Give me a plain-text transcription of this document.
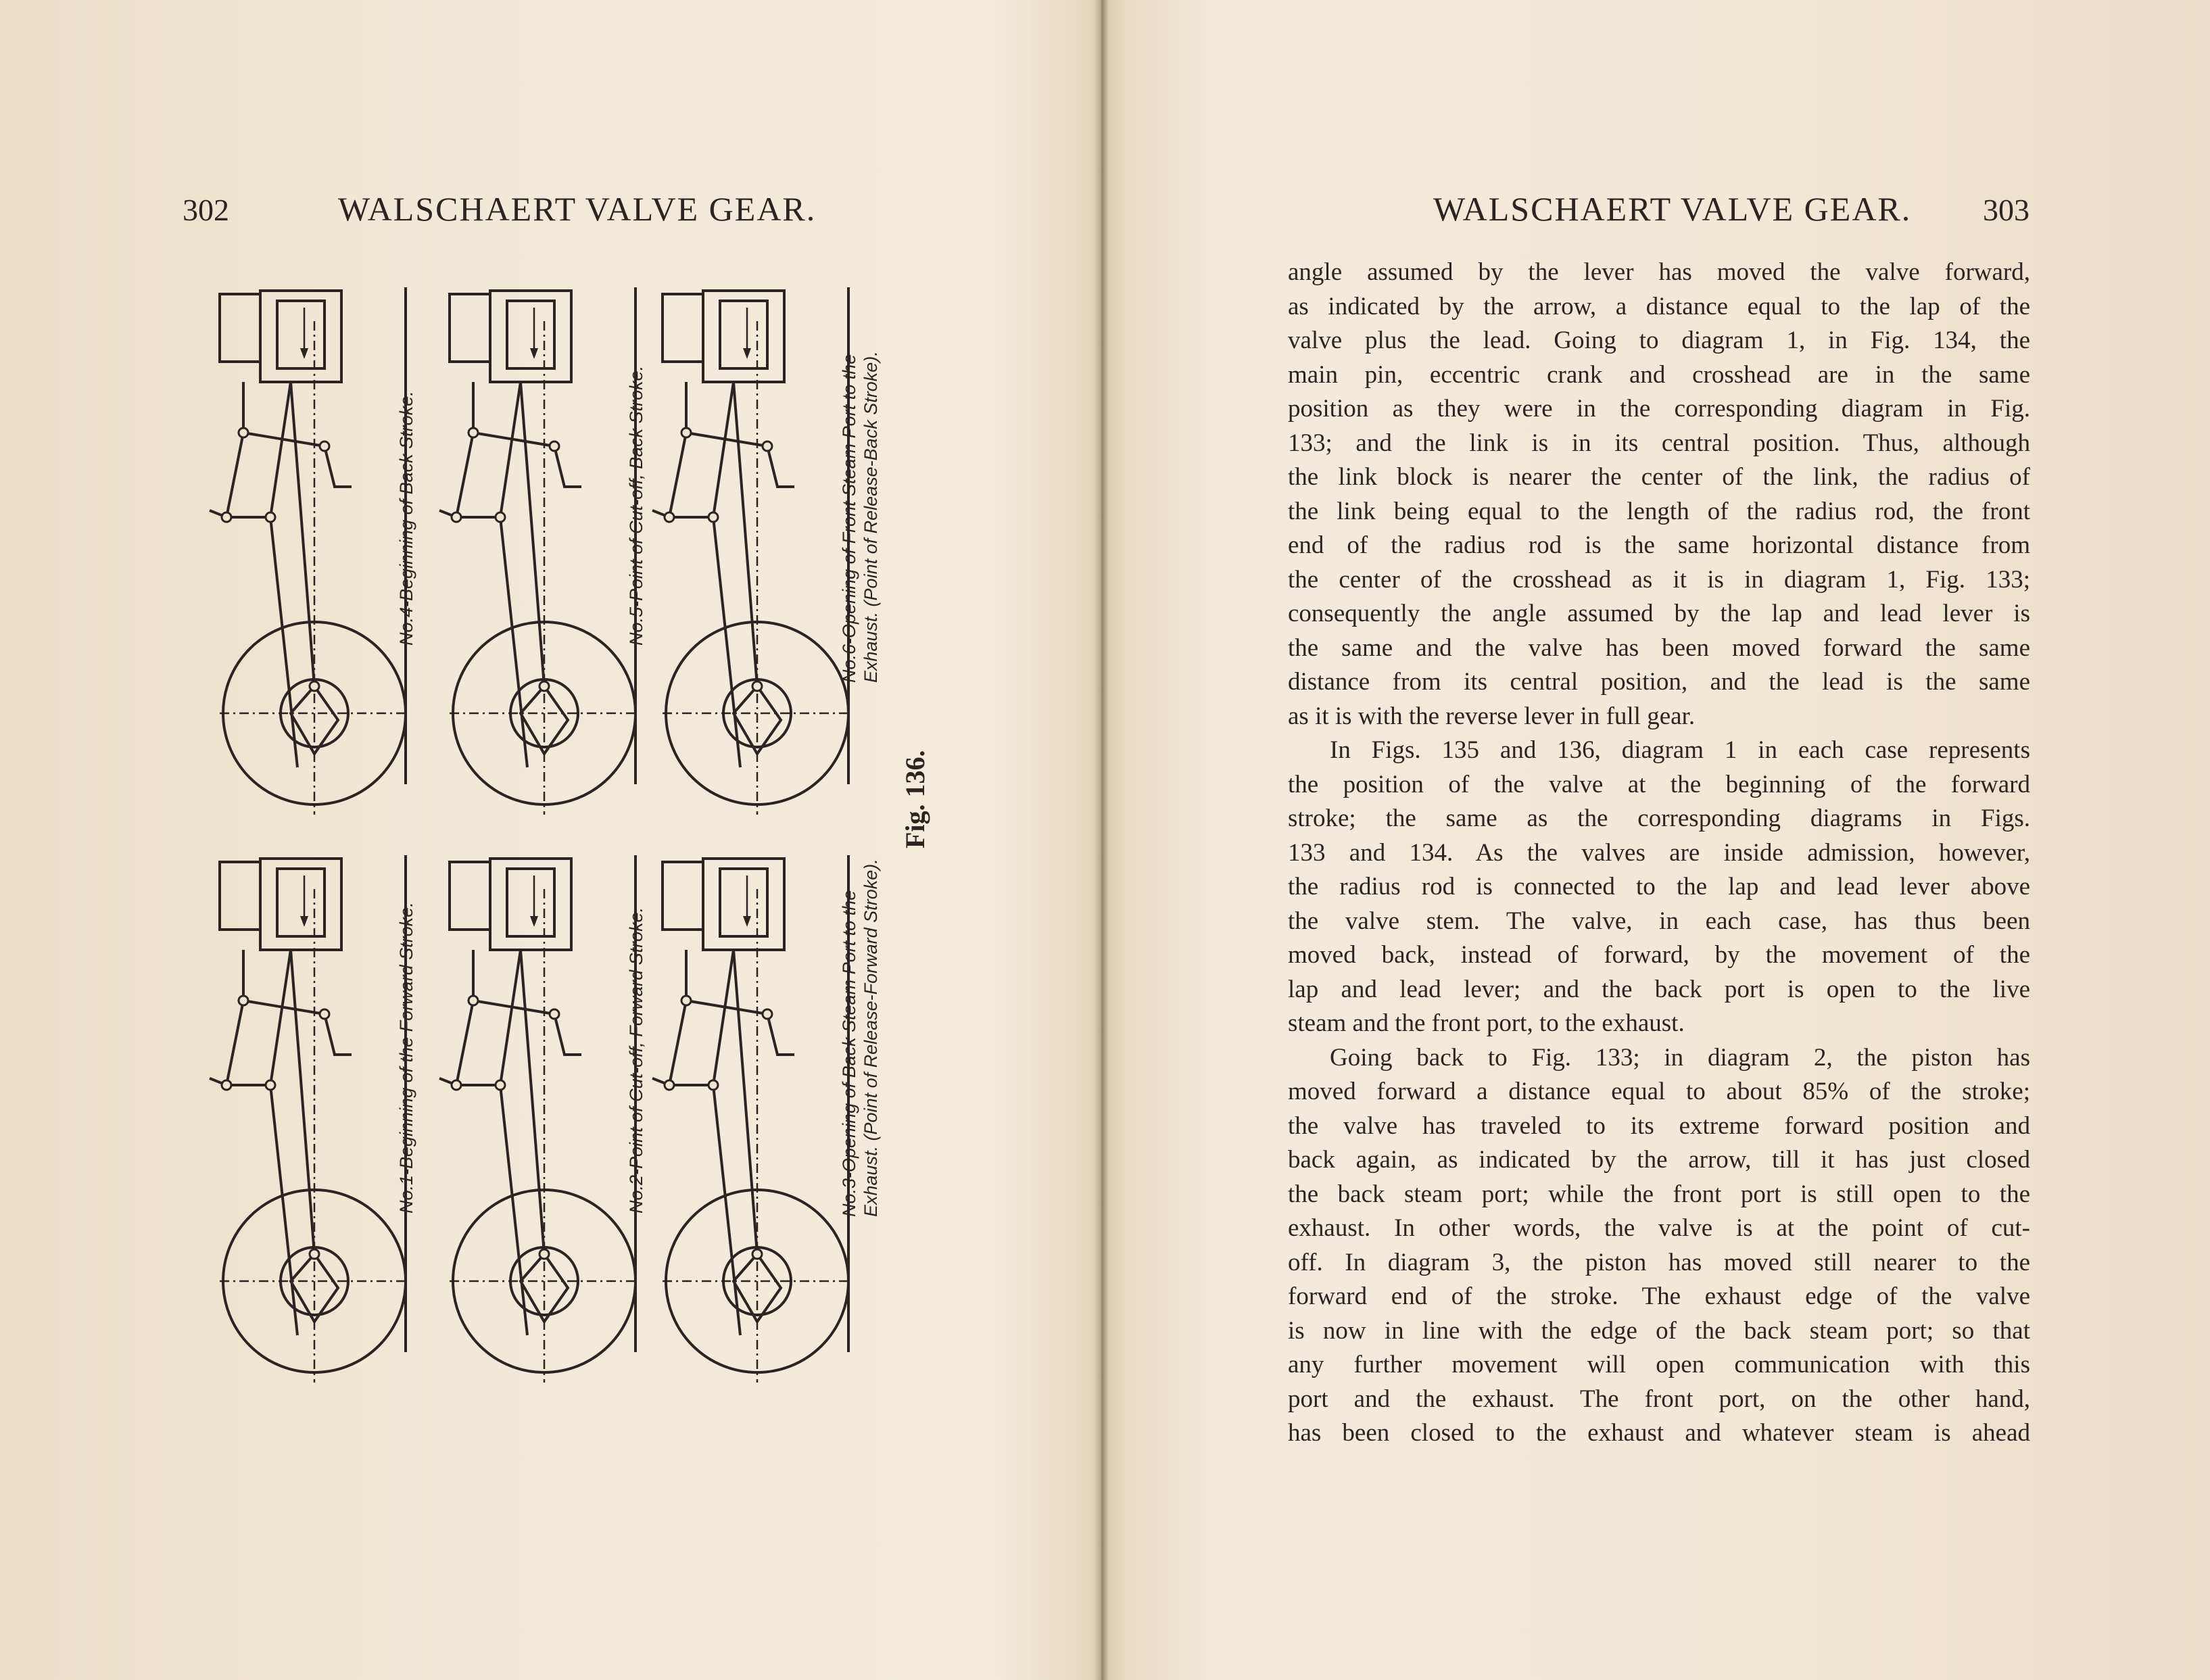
302	WALSCHAERT VALVE GEAR.
No.1-Beginning of the Forward Stroke.	No.2-Point of Cut-off, Forward Stroke.	No.3-Opening of Back Steam Port to the Exhaust. (Point of Release-Forward Stroke).
No.4-Beginning of Back Stroke.	No.5-Point of Cut-off, Back Stroke.	No.6-Opening of Front Steam Port to the Exhaust. (Point of Release-Back Stroke).
Fig. 136.
WALSCHAERT VALVE GEAR. 303

angle assumed by the lever has moved the valve forward,

as indicated by the arrow, a distance equal to the lap of the

valve plus the lead. Going to diagram 1, in Fig. 134, the

main pin, eccentric crank and crosshead are in the same

position as they were in the corresponding diagram in Fig.

133; and the link is in its central position. Thus, although

the link block is nearer the center of the link, the radius of

the link being equal to the length of the radius rod, the front

end of the radius rod is the same horizontal distance from

the center of the crosshead as it is in diagram 1, Fig. 133;

consequently the angle assumed by the lap and lead lever is

the same and the valve has been moved forward the same

distance from its central position, and the lead is the same

as it is with the reverse lever in full gear.

In Figs. 135 and 136, diagram 1 in each case represents

the position of the valve at the beginning of the forward

stroke; the same as the corresponding diagrams in Figs.

133 and 134. As the valves are inside admission, however,

the radius rod is connected to the lap and lead lever above

the valve stem. The valve, in each case, has thus been

moved back, instead of forward, by the movement of the

lap and lead lever; and the back port is open to the live

steam and the front port, to the exhaust.

Going back to Fig. 133; in diagram 2, the piston has

moved forward a distance equal to about 85% of the stroke;

the valve has traveled to its extreme forward position and

back again, as indicated by the arrow, till it has just closed

the back steam port; while the front port is still open to the

exhaust. In other words, the valve is at the point of cut-

off. In diagram 3, the piston has moved still nearer to the

forward end of the stroke. The exhaust edge of the valve

is now in line with the edge of the back steam port; so that

any further movement will open communication with this

port and the exhaust. The front port, on the other hand,

has been closed to the exhaust and whatever steam is ahead
